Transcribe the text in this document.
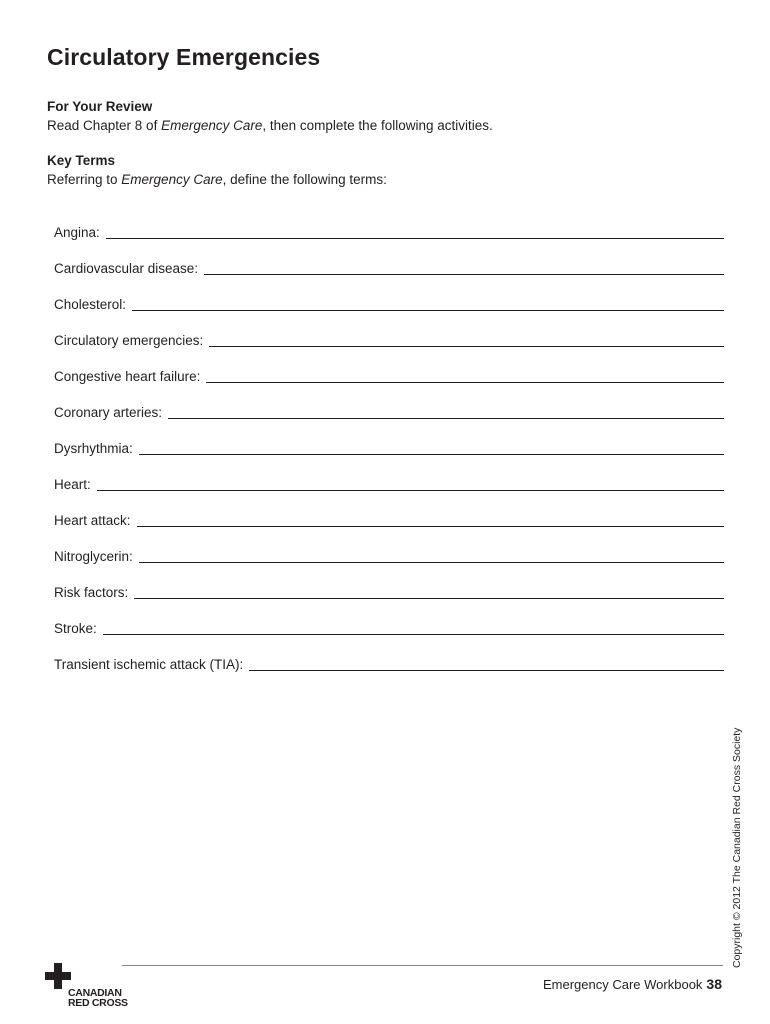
Circulatory Emergencies
For Your Review
Read Chapter 8 of Emergency Care, then complete the following activities.
Key Terms
Referring to Emergency Care, define the following terms:
Angina:
Cardiovascular disease:
Cholesterol:
Circulatory emergencies:
Congestive heart failure:
Coronary arteries:
Dysrhythmia:
Heart:
Heart attack:
Nitroglycerin:
Risk factors:
Stroke:
Transient ischemic attack (TIA):
Copyright © 2012 The Canadian Red Cross Society
CANADIAN
RED CROSS
Emergency Care Workbook 38
